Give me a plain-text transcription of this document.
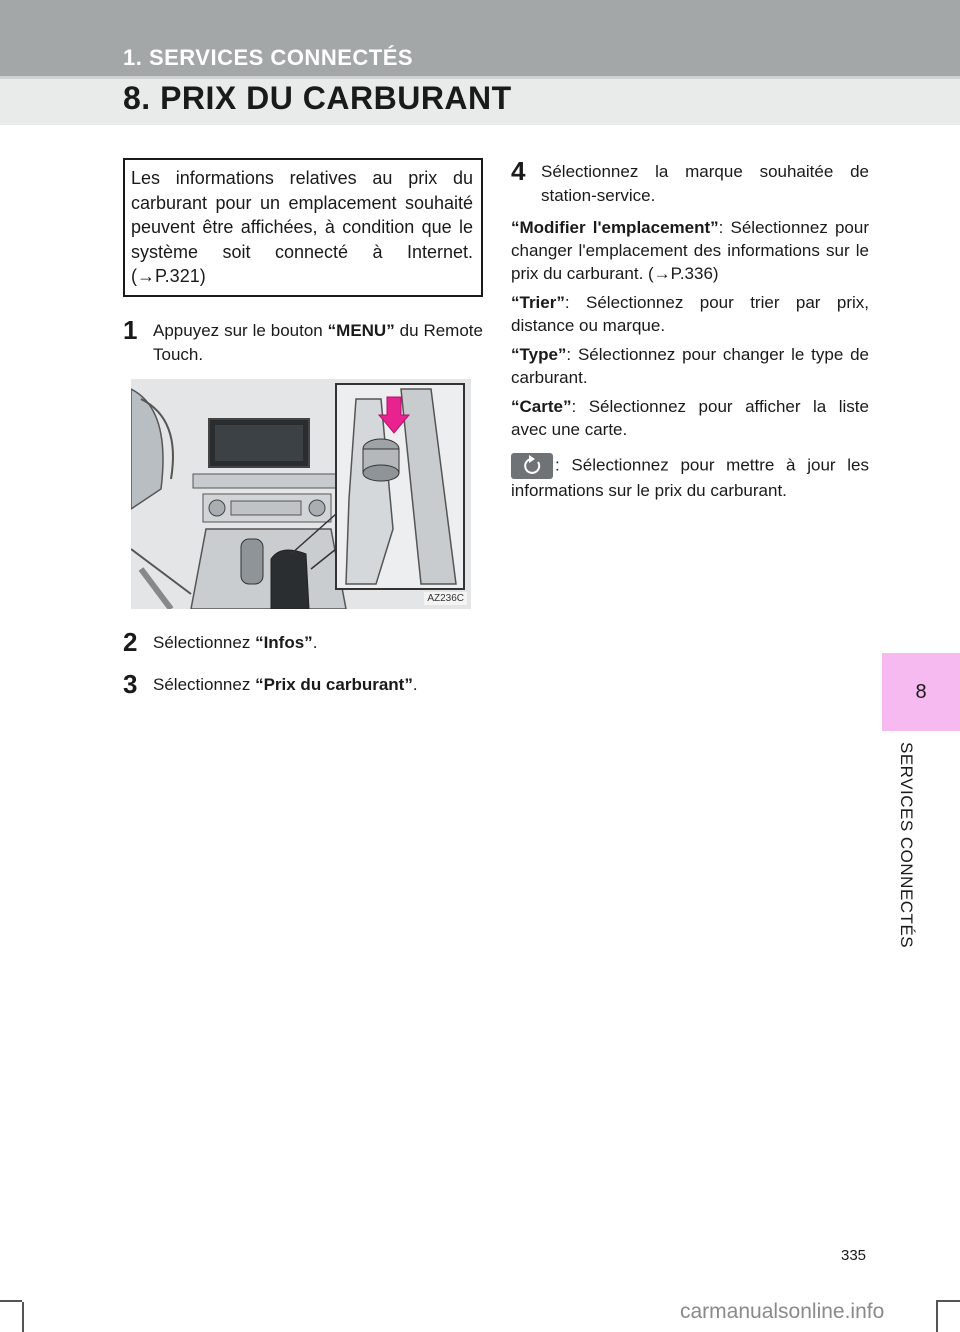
1. SERVICES CONNECTÉS
8. PRIX DU CARBURANT
Les informations relatives au prix du carburant pour un emplacement souhaité peuvent être affichées, à condition que le système soit connecté à Internet. (→P.321)
1 Appuyez sur le bouton “MENU” du Remote Touch.
AZ236C
2 Sélectionnez “Infos”.
3 Sélectionnez “Prix du carburant”.
4 Sélectionnez la marque souhaitée de station-service.

“Modifier l'emplacement”: Sélectionnez pour changer l'emplacement des informations sur le prix du carburant. (→P.336)

“Trier”: Sélectionnez pour trier par prix, distance ou marque.

“Type”: Sélectionnez pour changer le type de carburant.

“Carte”: Sélectionnez pour afficher la liste avec une carte.

: Sélectionnez pour mettre à jour les informations sur le prix du carburant.

8
SERVICES CONNECTÉS
335
carmanualsonline.info
